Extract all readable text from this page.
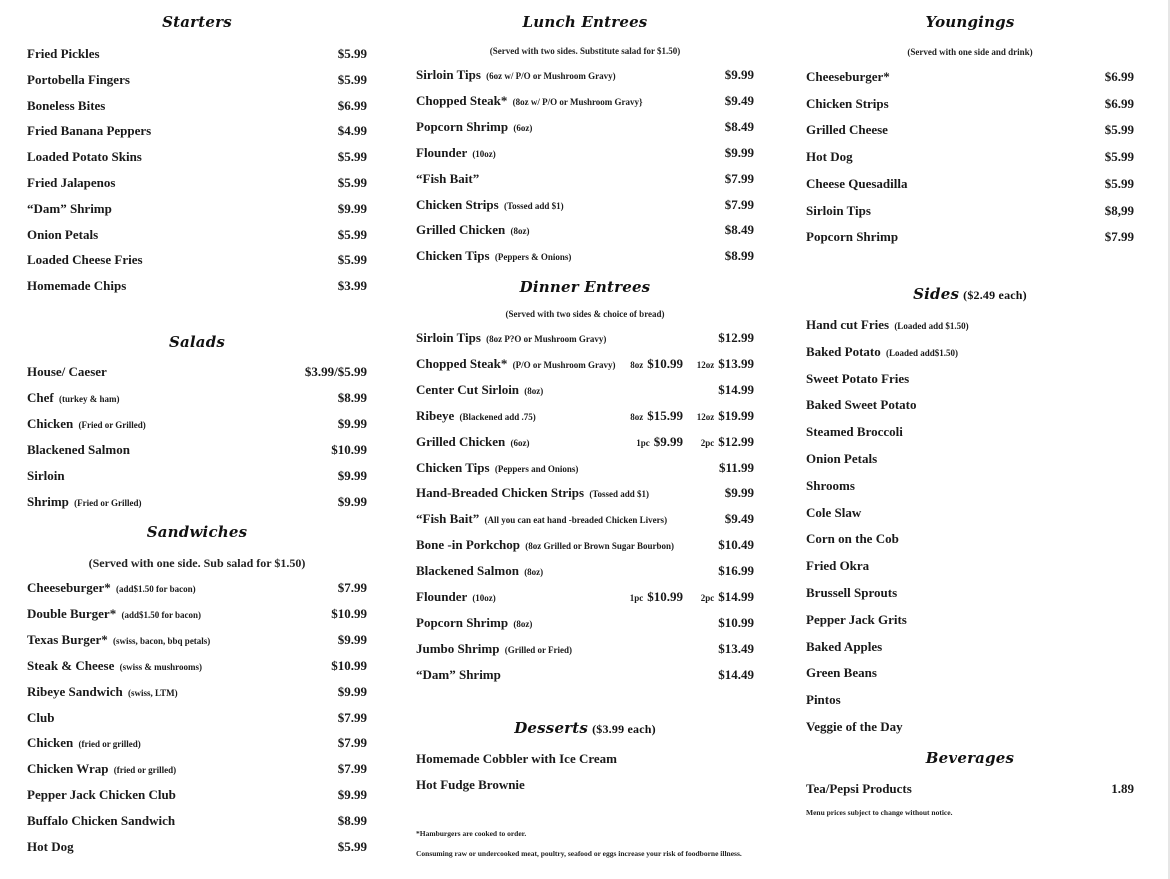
Starters
Fried Pickles	$5.99
Portobella Fingers	$5.99
Boneless Bites	$6.99
Fried Banana Peppers	$4.99
Loaded Potato Skins	$5.99
Fried Jalapenos	$5.99
“Dam” Shrimp	$9.99
Onion Petals	$5.99
Loaded Cheese Fries	$5.99
Homemade Chips	$3.99
Salads
House/ Caeser	$3.99/$5.99
Chef (turkey & ham)	$8.99
Chicken (Fried or Grilled)	$9.99
Blackened Salmon	$10.99
Sirloin	$9.99
Shrimp (Fried or Grilled)	$9.99
Sandwiches
(Served with one side. Sub salad for $1.50)
Cheeseburger* (add$1.50 for bacon)	$7.99
Double Burger* (add$1.50 for bacon)	$10.99
Texas Burger* (swiss, bacon, bbq petals)	$9.99
Steak & Cheese (swiss & mushrooms)	$10.99
Ribeye Sandwich (swiss, LTM)	$9.99
Club	$7.99
Chicken (fried or grilled)	$7.99
Chicken Wrap (fried or grilled)	$7.99
Pepper Jack Chicken Club	$9.99
Buffalo Chicken Sandwich	$8.99
Hot Dog	$5.99
Lunch Entrees
(Served with two sides. Substitute salad for $1.50)
Sirloin Tips (6oz w/ P/O or Mushroom Gravy)	$9.99
Chopped Steak* (8oz w/ P/O or Mushroom Gravy}	$9.49
Popcorn Shrimp (6oz)	$8.49
Flounder (10oz)	$9.99
“Fish Bait”	$7.99
Chicken Strips (Tossed add $1)	$7.99
Grilled Chicken (8oz)	$8.49
Chicken Tips (Peppers & Onions)	$8.99
Dinner Entrees
(Served with two sides & choice of bread)
Sirloin Tips (8oz P?O or Mushroom Gravy)	$12.99
Chopped Steak* (P/O or Mushroom Gravy) 8oz $10.99 12oz $13.99
Center Cut Sirloin (8oz)	$14.99
Ribeye (Blackened add .75)	8oz $15.99 12oz $19.99
Grilled Chicken (6oz)	1pc $9.99 2pc $12.99
Chicken Tips (Peppers and Onions)	$11.99
Hand-Breaded Chicken Strips (Tossed add $1)	$9.99
“Fish Bait” (All you can eat hand -breaded Chicken Livers)	$9.49
Bone -in Porkchop (8oz Grilled or Brown Sugar Bourbon)	$10.49
Blackened Salmon (8oz)	$16.99
Flounder (10oz)	1pc $10.99 2pc $14.99
Popcorn Shrimp (8oz)	$10.99
Jumbo Shrimp (Grilled or Fried)	$13.49
“Dam” Shrimp	$14.49
Desserts ($3.99 each)
Homemade Cobbler with Ice Cream
Hot Fudge Brownie
*Hamburgers are cooked to order.
Consuming raw or undercooked meat, poultry, seafood or eggs increase your risk of foodborne illness.
Youngings
(Served with one side and drink)
Cheeseburger*	$6.99
Chicken Strips	$6.99
Grilled Cheese	$5.99
Hot Dog	$5.99
Cheese Quesadilla	$5.99
Sirloin Tips	$8,99
Popcorn Shrimp	$7.99
Sides ($2.49 each)
Hand cut Fries (Loaded add $1.50)
Baked Potato (Loaded add$1.50)
Sweet Potato Fries
Baked Sweet Potato
Steamed Broccoli
Onion Petals
Shrooms
Cole Slaw
Corn on the Cob
Fried Okra
Brussell Sprouts
Pepper Jack Grits
Baked Apples
Green Beans
Pintos
Veggie of the Day
Beverages
Tea/Pepsi Products	1.89
Menu prices subject to change without notice.
